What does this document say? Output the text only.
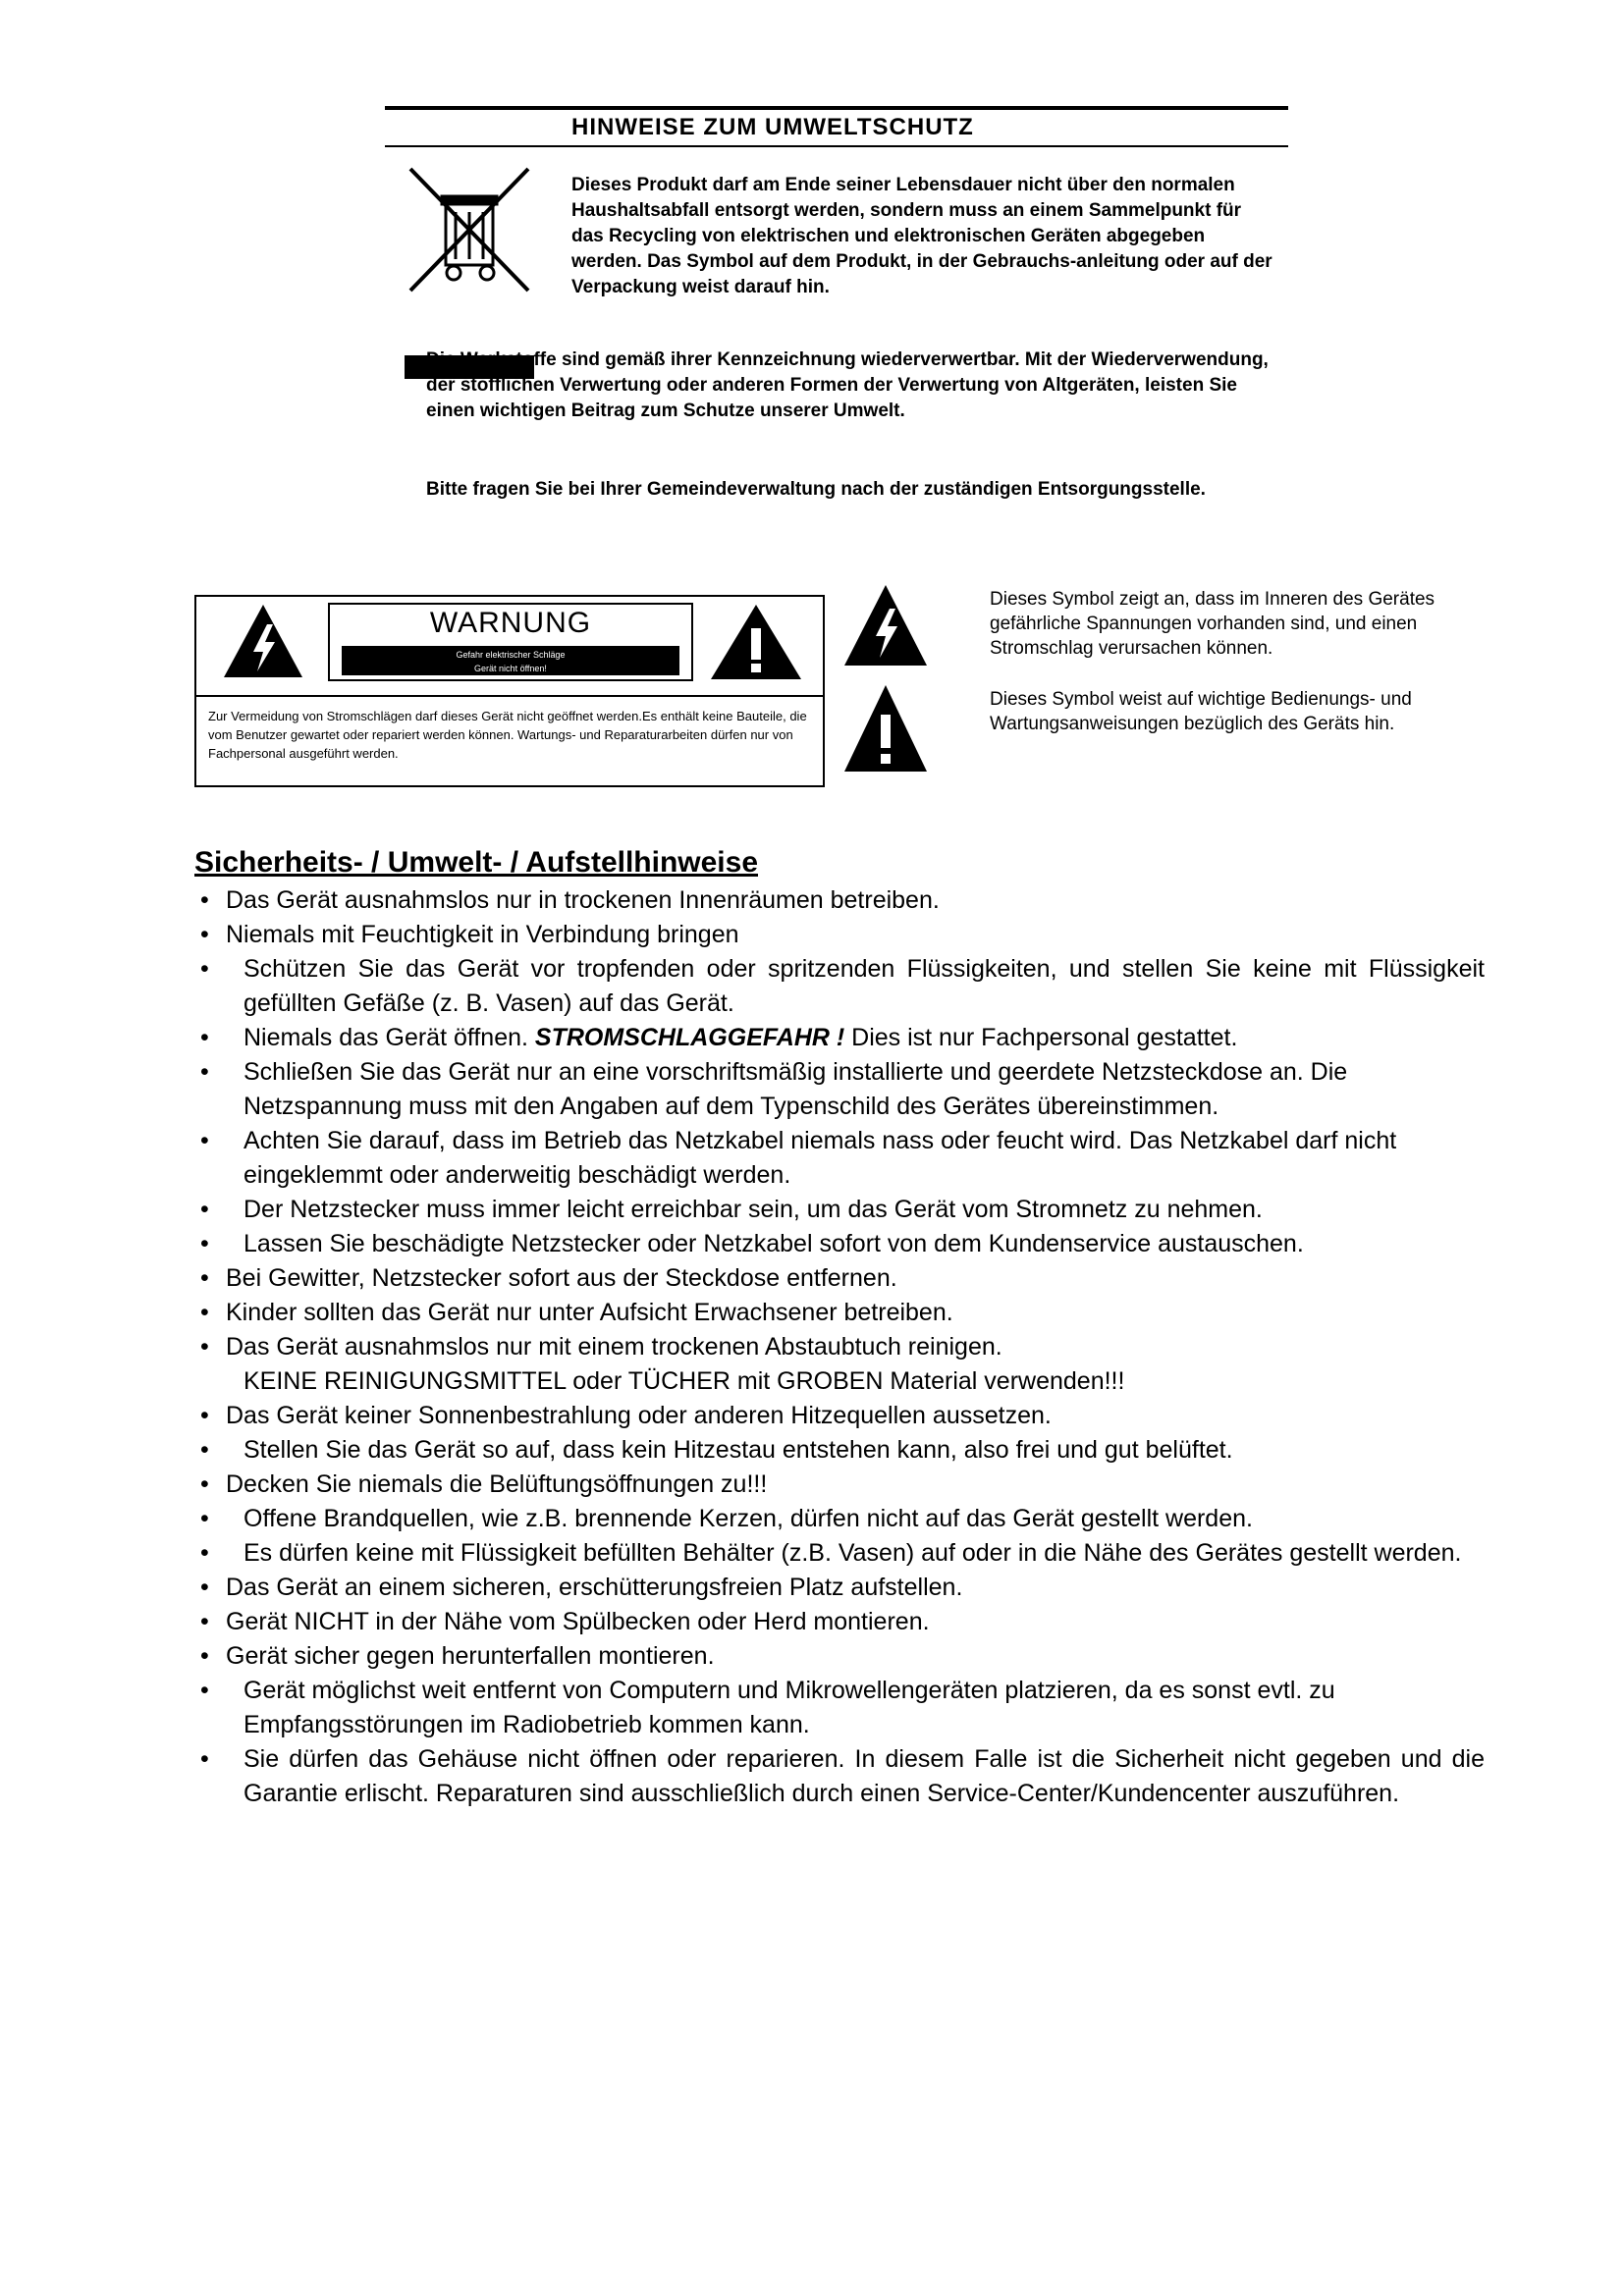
HINWEISE ZUM UMWELTSCHUTZ
Dieses Produkt darf am Ende seiner Lebensdauer nicht über den normalen Haushaltsabfall entsorgt werden, sondern muss an einem Sammelpunkt für das Recycling von elektrischen und elektronischen Geräten abgegeben werden. Das Symbol auf dem Produkt, in der Gebrauchs-anleitung oder auf der Verpackung weist darauf hin.
Die Werkstoffe sind gemäß ihrer Kennzeichnung wiederverwertbar. Mit der Wiederverwendung, der stofflichen Verwertung oder anderen Formen der Verwertung von Altgeräten, leisten Sie einen wichtigen Beitrag zum Schutze unserer Umwelt.
Bitte fragen Sie bei Ihrer Gemeindeverwaltung nach der zuständigen Entsorgungsstelle.
WARNUNG
Gefahr elektrischer Schläge
Gerät nicht öffnen!
Zur Vermeidung von Stromschlägen darf dieses Gerät nicht geöffnet werden.Es enthält keine Bauteile, die vom Benutzer gewartet oder repariert werden können. Wartungs- und Reparaturarbeiten dürfen nur von Fachpersonal ausgeführt werden.
Dieses Symbol zeigt an, dass im Inneren des Gerätes gefährliche Spannungen vorhanden sind, und einen Stromschlag verursachen können.
Dieses Symbol weist auf wichtige Bedienungs- und Wartungsanweisungen bezüglich des Geräts hin.
Sicherheits- / Umwelt- / Aufstellhinweise
• Das Gerät ausnahmslos nur in trockenen Innenräumen betreiben.
• Niemals mit Feuchtigkeit in Verbindung bringen
• Schützen Sie das Gerät vor tropfenden oder spritzenden Flüssigkeiten, und stellen Sie keine mit Flüssigkeit gefüllten Gefäße (z. B. Vasen) auf das Gerät.
• Niemals das Gerät öffnen. STROMSCHLAGGEFAHR ! Dies ist nur Fachpersonal gestattet.
• Schließen Sie das Gerät nur an eine vorschriftsmäßig installierte und geerdete Netzsteckdose an. Die Netzspannung muss mit den Angaben auf dem Typenschild des Gerätes übereinstimmen.
• Achten Sie darauf, dass im Betrieb das Netzkabel niemals nass oder feucht wird. Das Netzkabel darf nicht eingeklemmt oder anderweitig beschädigt werden.
• Der Netzstecker muss immer leicht erreichbar sein, um das Gerät vom Stromnetz zu nehmen.
• Lassen Sie beschädigte Netzstecker oder Netzkabel sofort von dem Kundenservice austauschen.
• Bei Gewitter, Netzstecker sofort aus der Steckdose entfernen.
• Kinder sollten das Gerät nur unter Aufsicht Erwachsener betreiben.
• Das Gerät ausnahmslos nur mit einem trockenen Abstaubtuch reinigen.
KEINE REINIGUNGSMITTEL oder TÜCHER mit GROBEN Material verwenden!!!
• Das Gerät keiner Sonnenbestrahlung oder anderen Hitzequellen aussetzen.
• Stellen Sie das Gerät so auf, dass kein Hitzestau entstehen kann, also frei und gut belüftet.
• Decken Sie niemals die Belüftungsöffnungen zu!!!
• Offene Brandquellen, wie z.B. brennende Kerzen, dürfen nicht auf das Gerät gestellt werden.
• Es dürfen keine mit Flüssigkeit befüllten Behälter (z.B. Vasen) auf oder in die Nähe des Gerätes gestellt werden.
• Das Gerät an einem sicheren, erschütterungsfreien Platz aufstellen.
• Gerät NICHT in der Nähe vom Spülbecken oder Herd montieren.
• Gerät sicher gegen herunterfallen montieren.
• Gerät möglichst weit entfernt von Computern und Mikrowellengeräten platzieren, da es sonst evtl. zu Empfangsstörungen im Radiobetrieb kommen kann.
• Sie dürfen das Gehäuse nicht öffnen oder reparieren. In diesem Falle ist die Sicherheit nicht gegeben und die Garantie erlischt. Reparaturen sind ausschließlich durch einen Service-Center/Kundencenter auszuführen.
